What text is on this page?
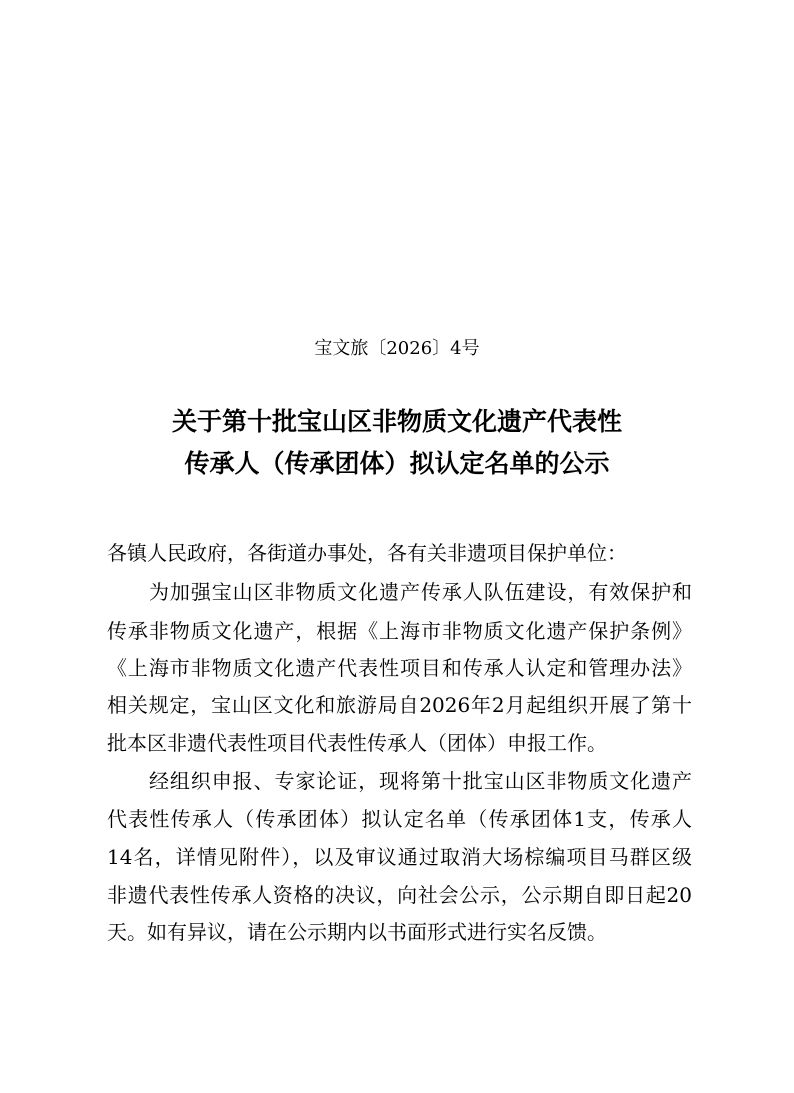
宝文旅〔2026〕4号
关于第十批宝山区非物质文化遗产代表性
传承人（传承团体）拟认定名单的公示
各镇人民政府，各街道办事处，各有关非遗项目保护单位：
为加强宝山区非物质文化遗产传承人队伍建设，有效保护和
传承非物质文化遗产，根据《上海市非物质文化遗产保护条例》
《上海市非物质文化遗产代表性项目和传承人认定和管理办法》
相关规定，宝山区文化和旅游局自2026年2月起组织开展了第十
批本区非遗代表性项目代表性传承人（团体）申报工作。
经组织申报、专家论证，现将第十批宝山区非物质文化遗产
代表性传承人（传承团体）拟认定名单（传承团体1支，传承人
14名，详情见附件），以及审议通过取消大场棕编项目马群区级
非遗代表性传承人资格的决议，向社会公示，公示期自即日起20
天。如有异议，请在公示期内以书面形式进行实名反馈。
